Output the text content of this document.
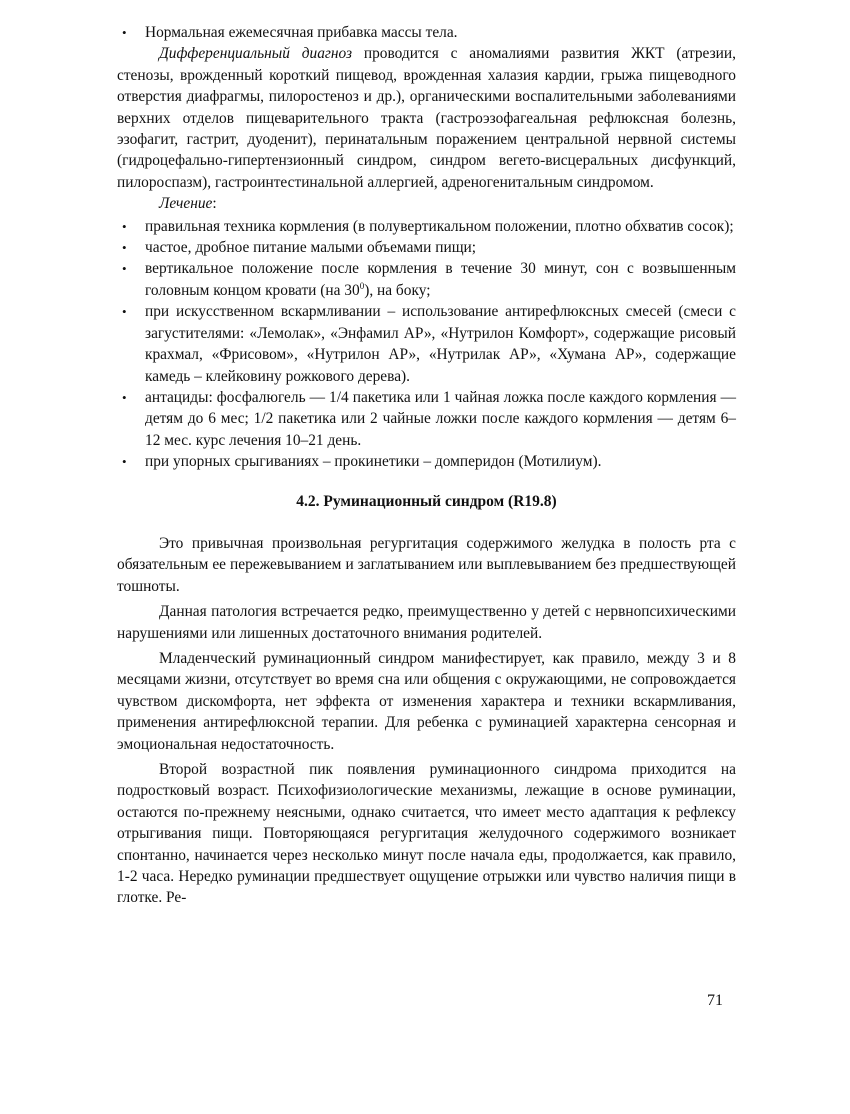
• Нормальная ежемесячная прибавка массы тела.

Дифференциальный диагноз проводится с аномалиями развития ЖКТ (атрезии, стенозы, врожденный короткий пищевод, врожденная халазия кардии, грыжа пищеводного отверстия диафрагмы, пилоростеноз и др.), органическими воспалительными заболеваниями верхних отделов пищеварительного тракта (гастроэзофагеальная рефлюксная болезнь, эзофагит, гастрит, дуоденит), перинатальным поражением центральной нервной системы (гидроцефально-гипертензионный синдром, синдром вегето-висцеральных дисфункций, пилороспазм), гастроинтестинальной аллергией, адреногенитальным синдромом.

Лечение:

• правильная техника кормления (в полувертикальном положении, плотно обхватив сосок);
• частое, дробное питание малыми объемами пищи;
• вертикальное положение после кормления в течение 30 минут, сон с возвышенным головным концом кровати (на $30^0$), на боку;
• при искусственном вскармливании – использование антирефлюксных смесей (смеси с загустителями: «Лемолак», «Энфамил АР», «Нутрилон Комфорт», содержащие рисовый крахмал, «Фрисовом», «Нутрилон АР», «Нутрилак АР», «Хумана АР», содержащие камедь – клейковину рожкового дерева).
• антациды: фосфалюгель — 1/4 пакетика или 1 чайная ложка после каждого кормления — детям до 6 мес; 1/2 пакетика или 2 чайные ложки после каждого кормления — детям 6–12 мес. курс лечения 10–21 день.
• при упорных срыгиваниях – прокинетики – домперидон (Мотилиум).
4.2. Руминационный синдром (R19.8)

Это привычная произвольная регургитация содержимого желудка в полость рта с обязательным ее пережевыванием и заглатыванием или выплевыванием без предшествующей тошноты.

Данная патология встречается редко, преимущественно у детей с нервнопсихическими нарушениями или лишенных достаточного внимания родителей.

Младенческий руминационный синдром манифестирует, как правило, между 3 и 8 месяцами жизни, отсутствует во время сна или общения с окружающими, не сопровождается чувством дискомфорта, нет эффекта от изменения характера и техники вскармливания, применения антирефлюксной терапии. Для ребенка с руминацией характерна сенсорная и эмоциональная недостаточность.

Второй возрастной пик появления руминационного синдрома приходится на подростковый возраст. Психофизиологические механизмы, лежащие в основе руминации, остаются по-прежнему неясными, однако считается, что имеет место адаптация к рефлексу отрыгивания пищи. Повторяющаяся регургитация желудочного содержимого возникает спонтанно, начинается через несколько минут после начала еды, продолжается, как правило, 1-2 часа. Нередко руминации предшествует ощущение отрыжки или чувство наличия пищи в глотке. Ре-

71
